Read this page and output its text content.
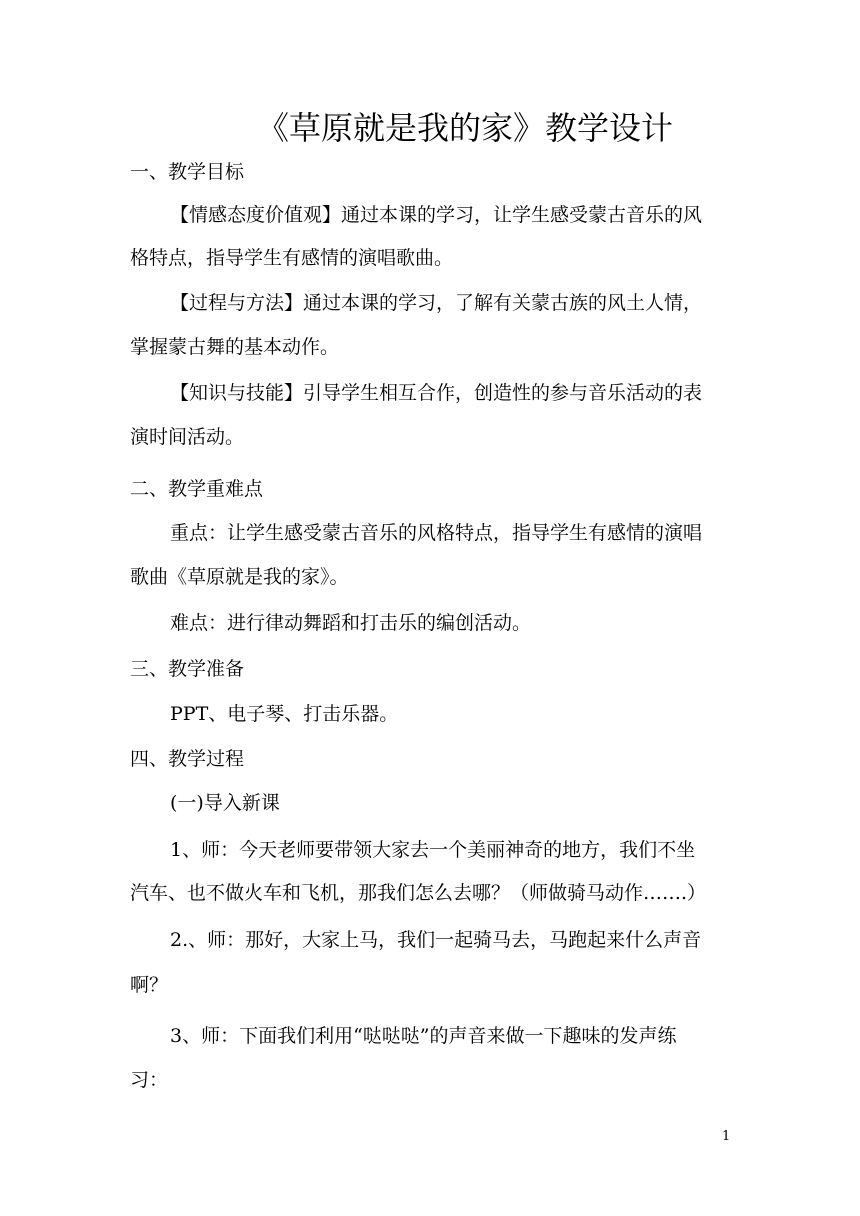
《草原就是我的家》教学设计
一、教学目标
【情感态度价值观】通过本课的学习，让学生感受蒙古音乐的风
格特点，指导学生有感情的演唱歌曲。
【过程与方法】通过本课的学习，了解有关蒙古族的风土人情，
掌握蒙古舞的基本动作。
【知识与技能】引导学生相互合作，创造性的参与音乐活动的表
演时间活动。
二、教学重难点
重点：让学生感受蒙古音乐的风格特点，指导学生有感情的演唱
歌曲《草原就是我的家》。
难点：进行律动舞蹈和打击乐的编创活动。
三、教学准备
PPT、电子琴、打击乐器。
四、教学过程
(一)导入新课
1、师：今天老师要带领大家去一个美丽神奇的地方，我们不坐
汽车、也不做火车和飞机，那我们怎么去哪？（师做骑马动作…….）
2.、师：那好，大家上马，我们一起骑马去，马跑起来什么声音
啊？
3、师：下面我们利用“哒哒哒”的声音来做一下趣味的发声练
习：
1
